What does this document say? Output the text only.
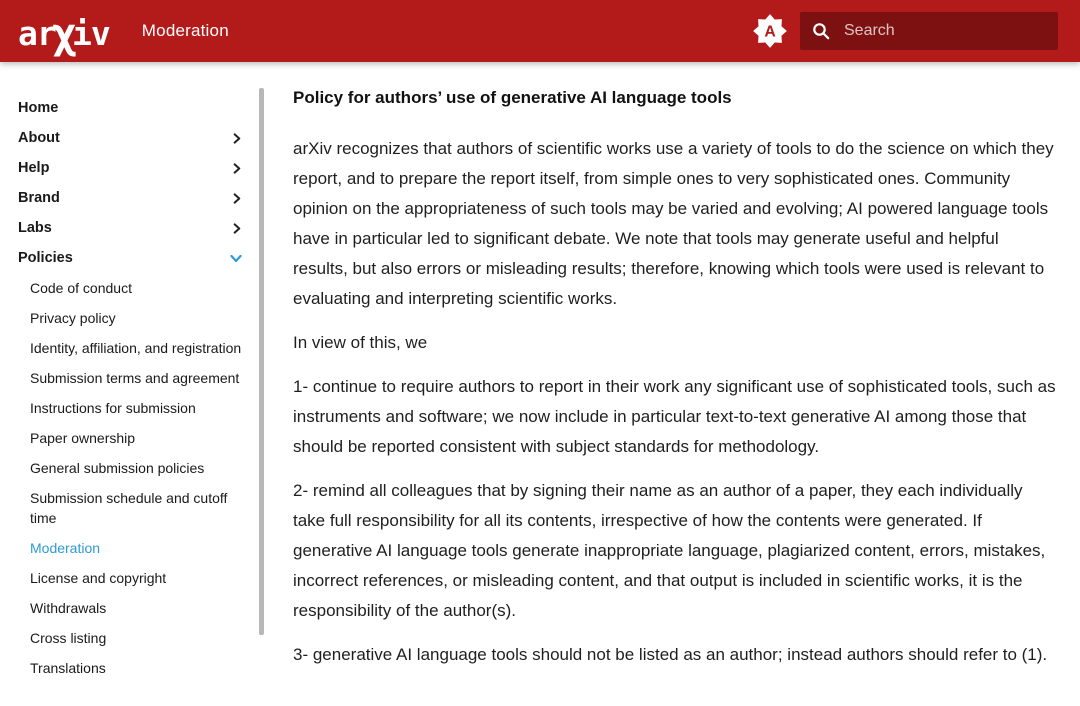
ar
χ
iv Moderation	A
Search
Home
About
Help
Brand
Labs
Policies
Code of conduct
Privacy policy
Identity, affiliation, and registration
Submission terms and agreement
Instructions for submission
Paper ownership
General submission policies
Submission schedule and cutoff time
Moderation
License and copyright
Withdrawals
Cross listing
Translations
Policy for authors’ use of generative AI language tools

arXiv recognizes that authors of scientific works use a variety of tools to do the science on which they report, and to prepare the report itself, from simple ones to very sophisticated ones. Community opinion on the appropriateness of such tools may be varied and evolving; AI powered language tools have in particular led to significant debate. We note that tools may generate useful and helpful results, but also errors or misleading results; therefore, knowing which tools were used is relevant to evaluating and interpreting scientific works.

In view of this, we

1- continue to require authors to report in their work any significant use of sophisticated tools, such as instruments and software; we now include in particular text-to-text generative AI among those that should be reported consistent with subject standards for methodology.

2- remind all colleagues that by signing their name as an author of a paper, they each individually take full responsibility for all its contents, irrespective of how the contents were generated. If generative AI language tools generate inappropriate language, plagiarized content, errors, mistakes, incorrect references, or misleading content, and that output is included in scientific works, it is the responsibility of the author(s).

3- generative AI language tools should not be listed as an author; instead authors should refer to (1).
